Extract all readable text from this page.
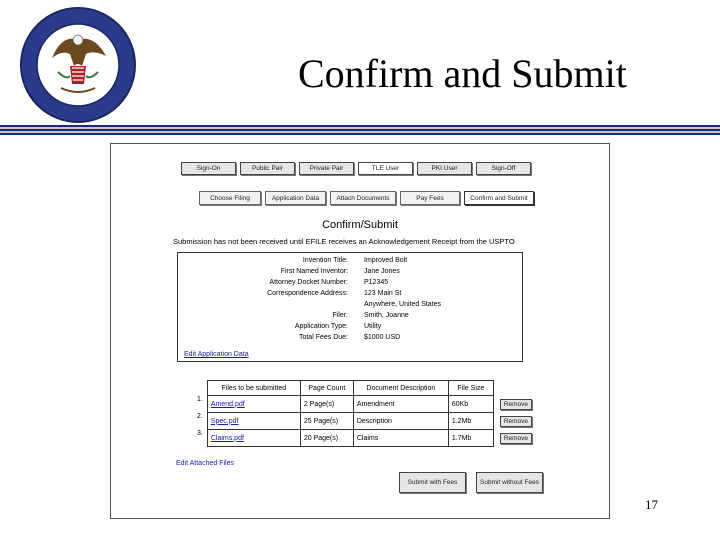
Confirm and Submit
Sign-On	Public Pair	Private Pair	TLE User	PKI User	Sign-Off
Choose Filing	Application Data	Attach Documents	Pay Fees	Confirm and Submit
Confirm/Submit
Submission has not been received until EFILE receives an Acknowledgement Receipt from the USPTO
Invention Title: Improved Bolt
First Named Inventor: Jane Jones
Attorney Docket Number: P12345
Correspondence Address: 123 Main St
Anywhere, United States
Filer: Smith, Joanne
Application Type: Utility
Total Fees Due: $1000 USD
Edit Application Data
	Files to be submitted	Page Count	Document Description	File Size	
1.	Amend.pdf	2 Page(s)	Amendment	60Kb	Remove

2.	Spec.pdf	25 Page(s)	Description	1.2Mb	Remove

3.	Claims.pdf	20 Page(s)	Claims	1.7Mb	Remove
Edit Attached Files
Submit with Fees	Submit without Fees
17
